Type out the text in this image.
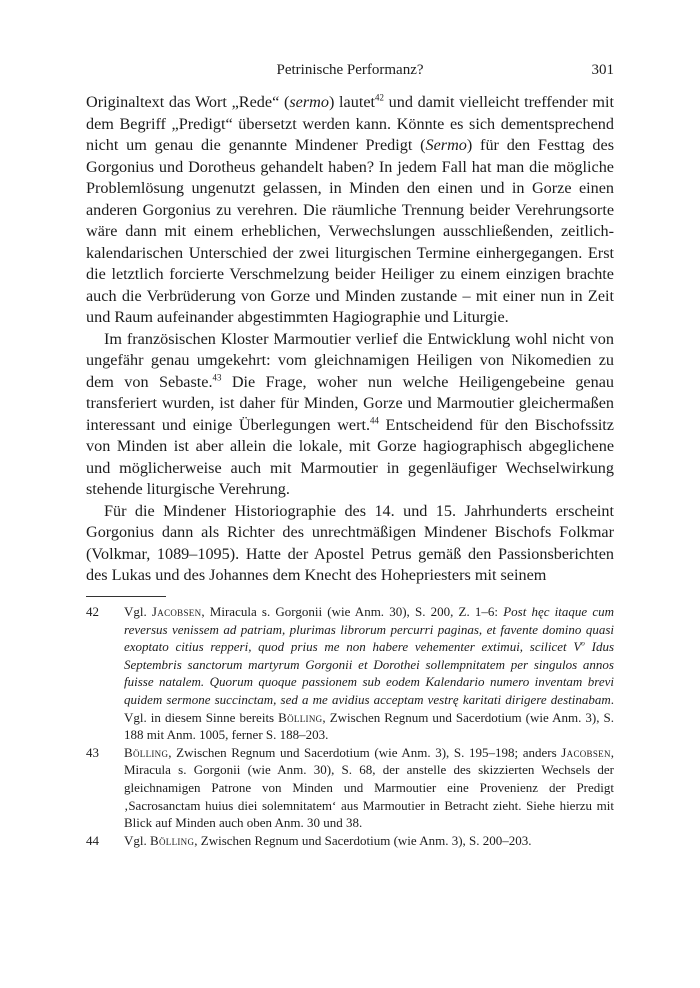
Petrinische Performanz?	301

Originaltext das Wort „Rede“ (sermo) lautet$^{42}$ und damit vielleicht treffender mit dem Begriff „Predigt“ übersetzt werden kann. Könnte es sich dementsprechend nicht um genau die genannte Mindener Predigt (Sermo) für den Festtag des Gorgonius und Dorotheus gehandelt haben? In jedem Fall hat man die mögliche Problemlösung ungenutzt gelassen, in Minden den einen und in Gorze einen anderen Gorgonius zu verehren. Die räumliche Trennung beider Verehrungsorte wäre dann mit einem erheblichen, Verwechslungen ausschließenden, zeitlich-kalendarischen Unterschied der zwei liturgischen Termine einhergegangen. Erst die letztlich forcierte Verschmelzung beider Heiliger zu einem einzigen brachte auch die Verbrüderung von Gorze und Minden zustande – mit einer nun in Zeit und Raum aufeinander abgestimmten Hagiographie und Liturgie.

Im französischen Kloster Marmoutier verlief die Entwicklung wohl nicht von ungefähr genau umgekehrt: vom gleichnamigen Heiligen von Nikomedien zu dem von Sebaste.$^{43}$ Die Frage, woher nun welche Heiligengebeine genau transferiert wurden, ist daher für Minden, Gorze und Marmoutier gleichermaßen interessant und einige Überlegungen wert.$^{44}$ Entscheidend für den Bischofssitz von Minden ist aber allein die lokale, mit Gorze hagiographisch abgeglichene und möglicherweise auch mit Marmoutier in gegenläufiger Wechselwirkung stehende liturgische Verehrung.

Für die Mindener Historiographie des 14. und 15. Jahrhunderts erscheint Gorgonius dann als Richter des unrechtmäßigen Mindener Bischofs Folkmar (Volkmar, 1089–1095). Hatte der Apostel Petrus gemäß den Passionsberichten des Lukas und des Johannes dem Knecht des Hohepriesters mit seinem

42 Vgl. Jacobsen, Miracula s. Gorgonii (wie Anm. 30), S. 200, Z. 1–6: Post hęc itaque cum reversus venissem ad patriam, plurimas librorum percurri paginas, et favente domino quasi exoptato citius repperi, quod prius me non habere vehementer extimui, scilicet $V^o$ Idus Septembris sanctorum martyrum Gorgonii et Dorothei sollempnitatem per singulos annos fuisse natalem. Quorum quoque passionem sub eodem Kalendario numero inventam brevi quidem sermone succinctam, sed a me avidius acceptam vestrę karitati dirigere destinabam. Vgl. in diesem Sinne bereits Bölling, Zwischen Regnum und Sacerdotium (wie Anm. 3), S. 188 mit Anm. 1005, ferner S. 188–203.
43 Bölling, Zwischen Regnum und Sacerdotium (wie Anm. 3), S. 195–198; anders Jacobsen, Miracula s. Gorgonii (wie Anm. 30), S. 68, der anstelle des skizzierten Wechsels der gleichnamigen Patrone von Minden und Marmoutier eine Provenienz der Predigt ‚Sacrosanctam huius diei solemnitatem‘ aus Marmoutier in Betracht zieht. Siehe hierzu mit Blick auf Minden auch oben Anm. 30 und 38.
44 Vgl. Bölling, Zwischen Regnum und Sacerdotium (wie Anm. 3), S. 200–203.
